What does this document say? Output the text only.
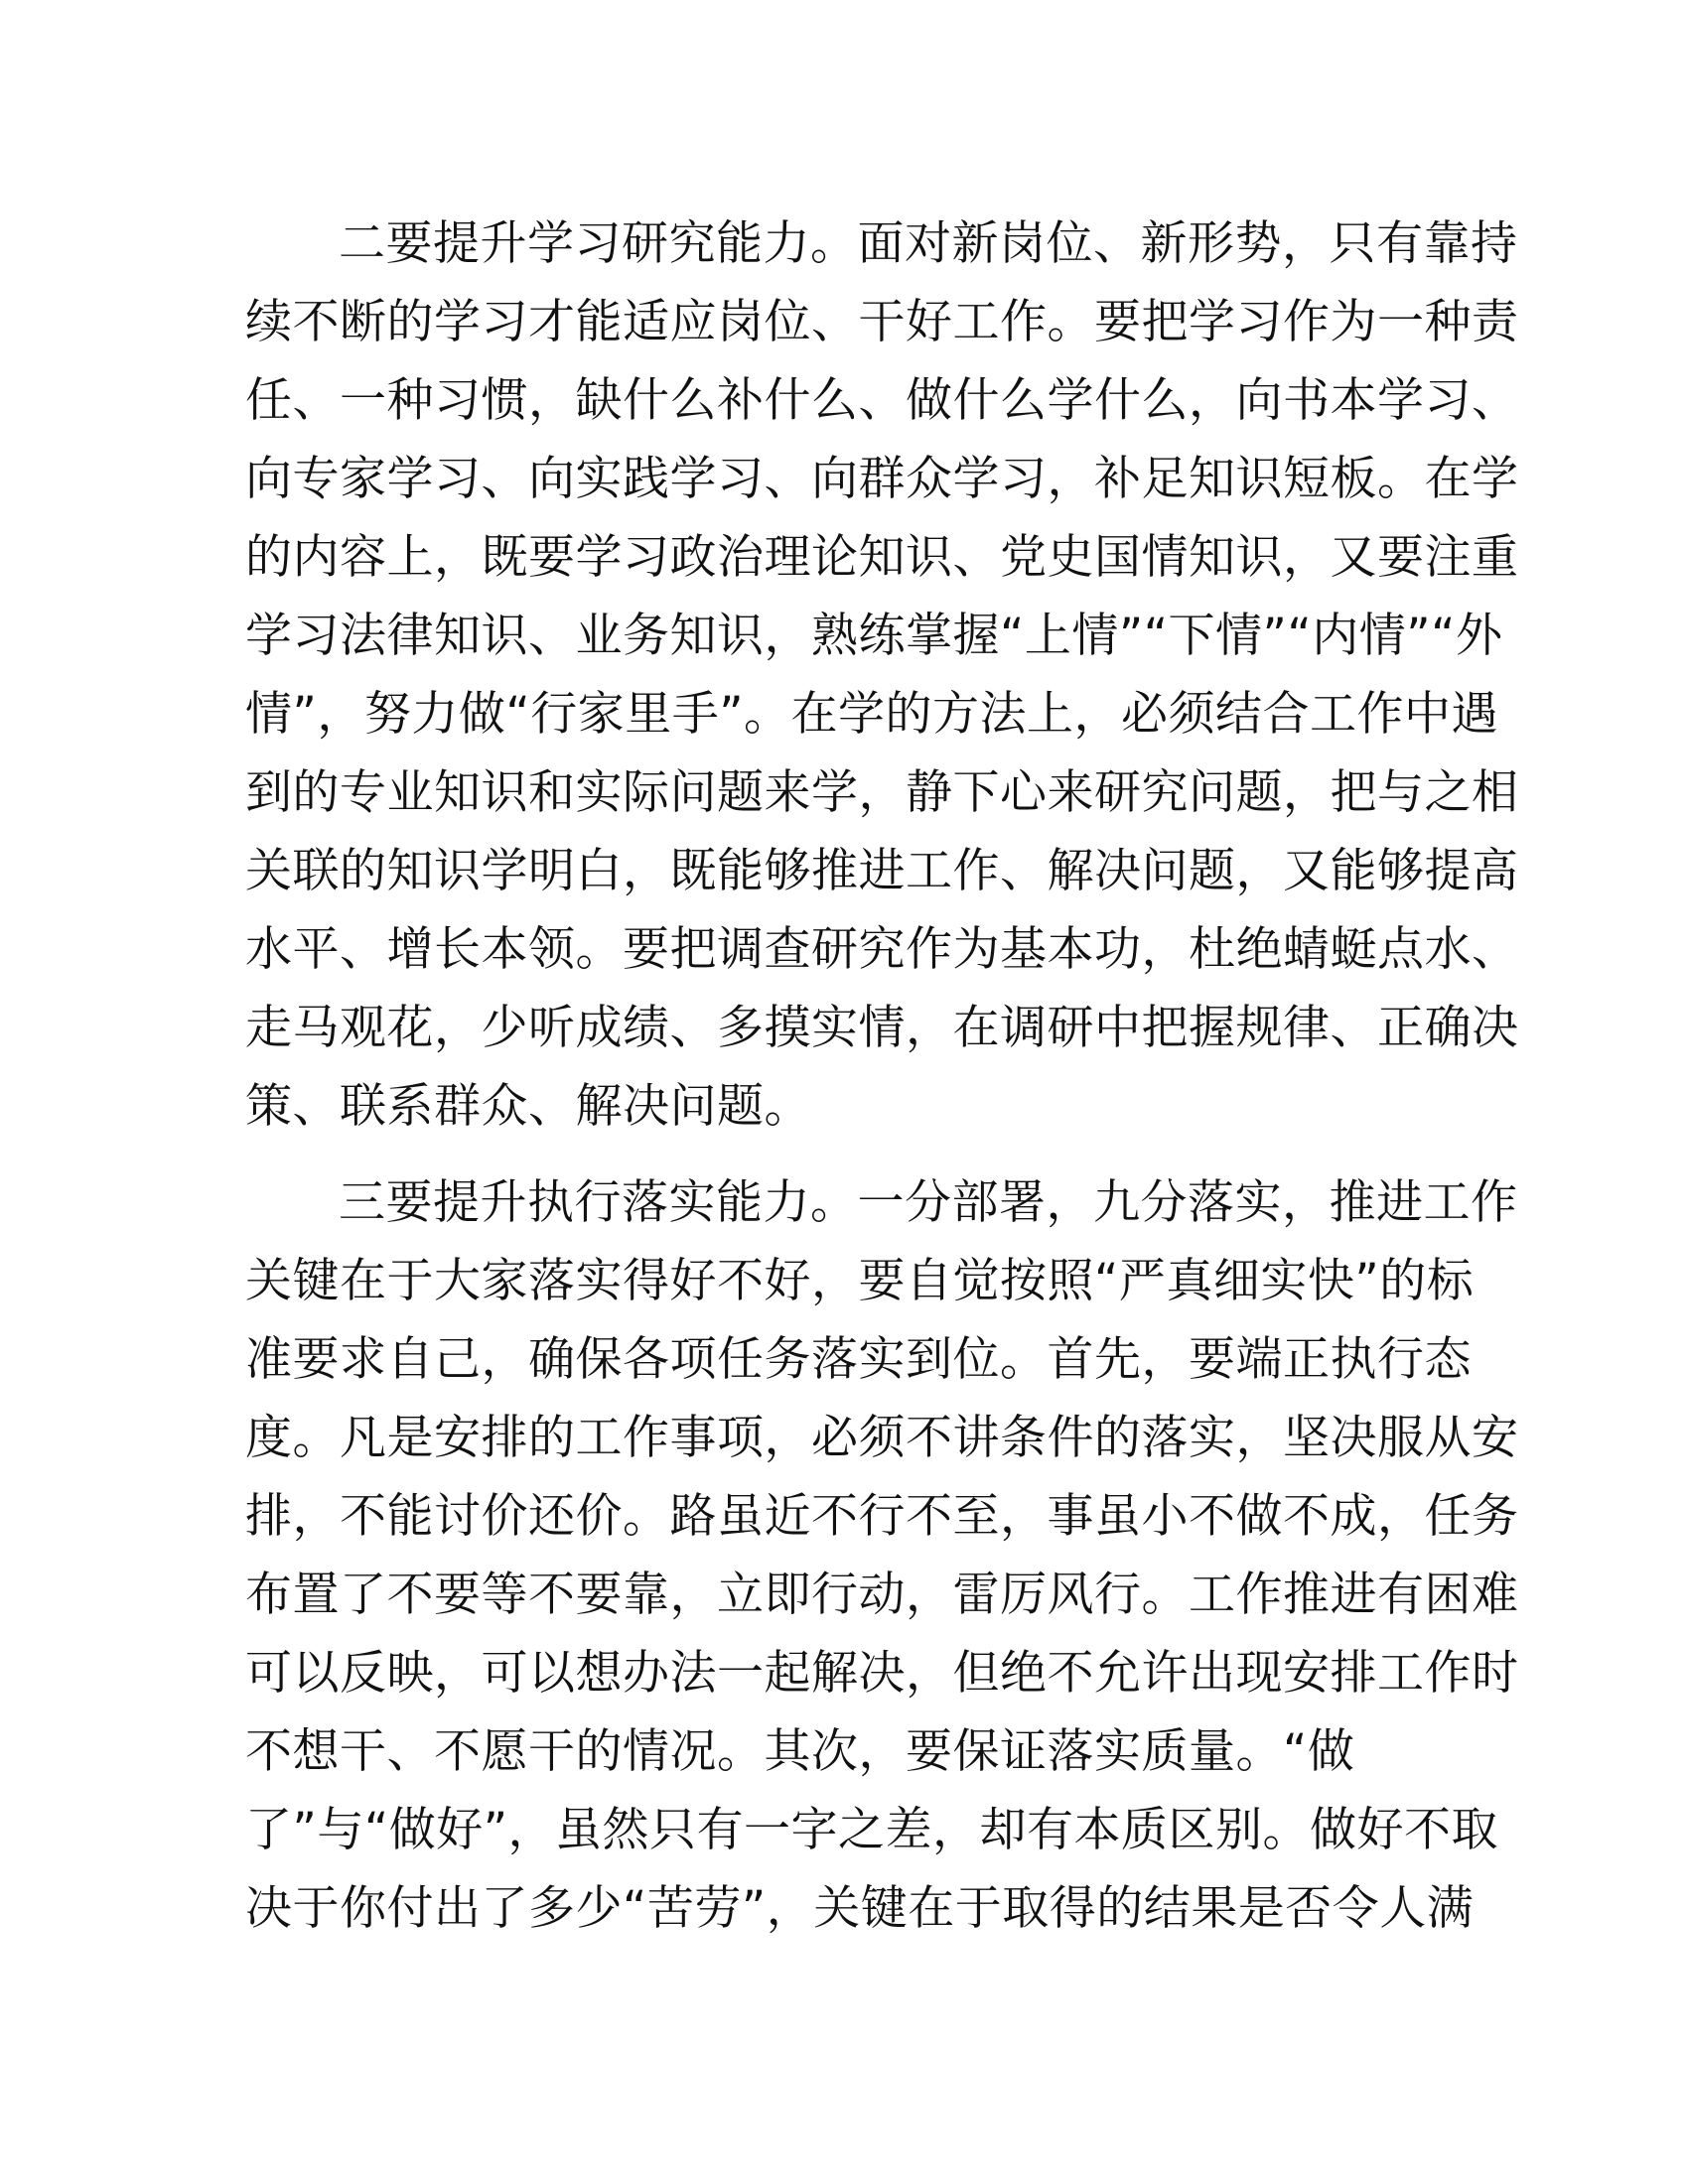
二要提升学习研究能力。面对新岗位、新形势，只有靠持
续不断的学习才能适应岗位、干好工作。要把学习作为一种责
任、一种习惯，缺什么补什么、做什么学什么，向书本学习、
向专家学习、向实践学习、向群众学习，补足知识短板。在学
的内容上，既要学习政治理论知识、党史国情知识，又要注重
学习法律知识、业务知识，熟练掌握“上情”“下情”“内情”“外
情”，努力做“行家里手”。在学的方法上，必须结合工作中遇
到的专业知识和实际问题来学，静下心来研究问题，把与之相
关联的知识学明白，既能够推进工作、解决问题，又能够提高
水平、增长本领。要把调查研究作为基本功，杜绝蜻蜓点水、
走马观花，少听成绩、多摸实情，在调研中把握规律、正确决
策、联系群众、解决问题。

三要提升执行落实能力。一分部署，九分落实，推进工作
关键在于大家落实得好不好，要自觉按照“严真细实快”的标
准要求自己，确保各项任务落实到位。首先，要端正执行态
度。凡是安排的工作事项，必须不讲条件的落实，坚决服从安
排，不能讨价还价。路虽近不行不至，事虽小不做不成，任务
布置了不要等不要靠，立即行动，雷厉风行。工作推进有困难
可以反映，可以想办法一起解决，但绝不允许出现安排工作时
不想干、不愿干的情况。其次，要保证落实质量。“做
了”与“做好”，虽然只有一字之差，却有本质区别。做好不取
决于你付出了多少“苦劳”，关键在于取得的结果是否令人满
